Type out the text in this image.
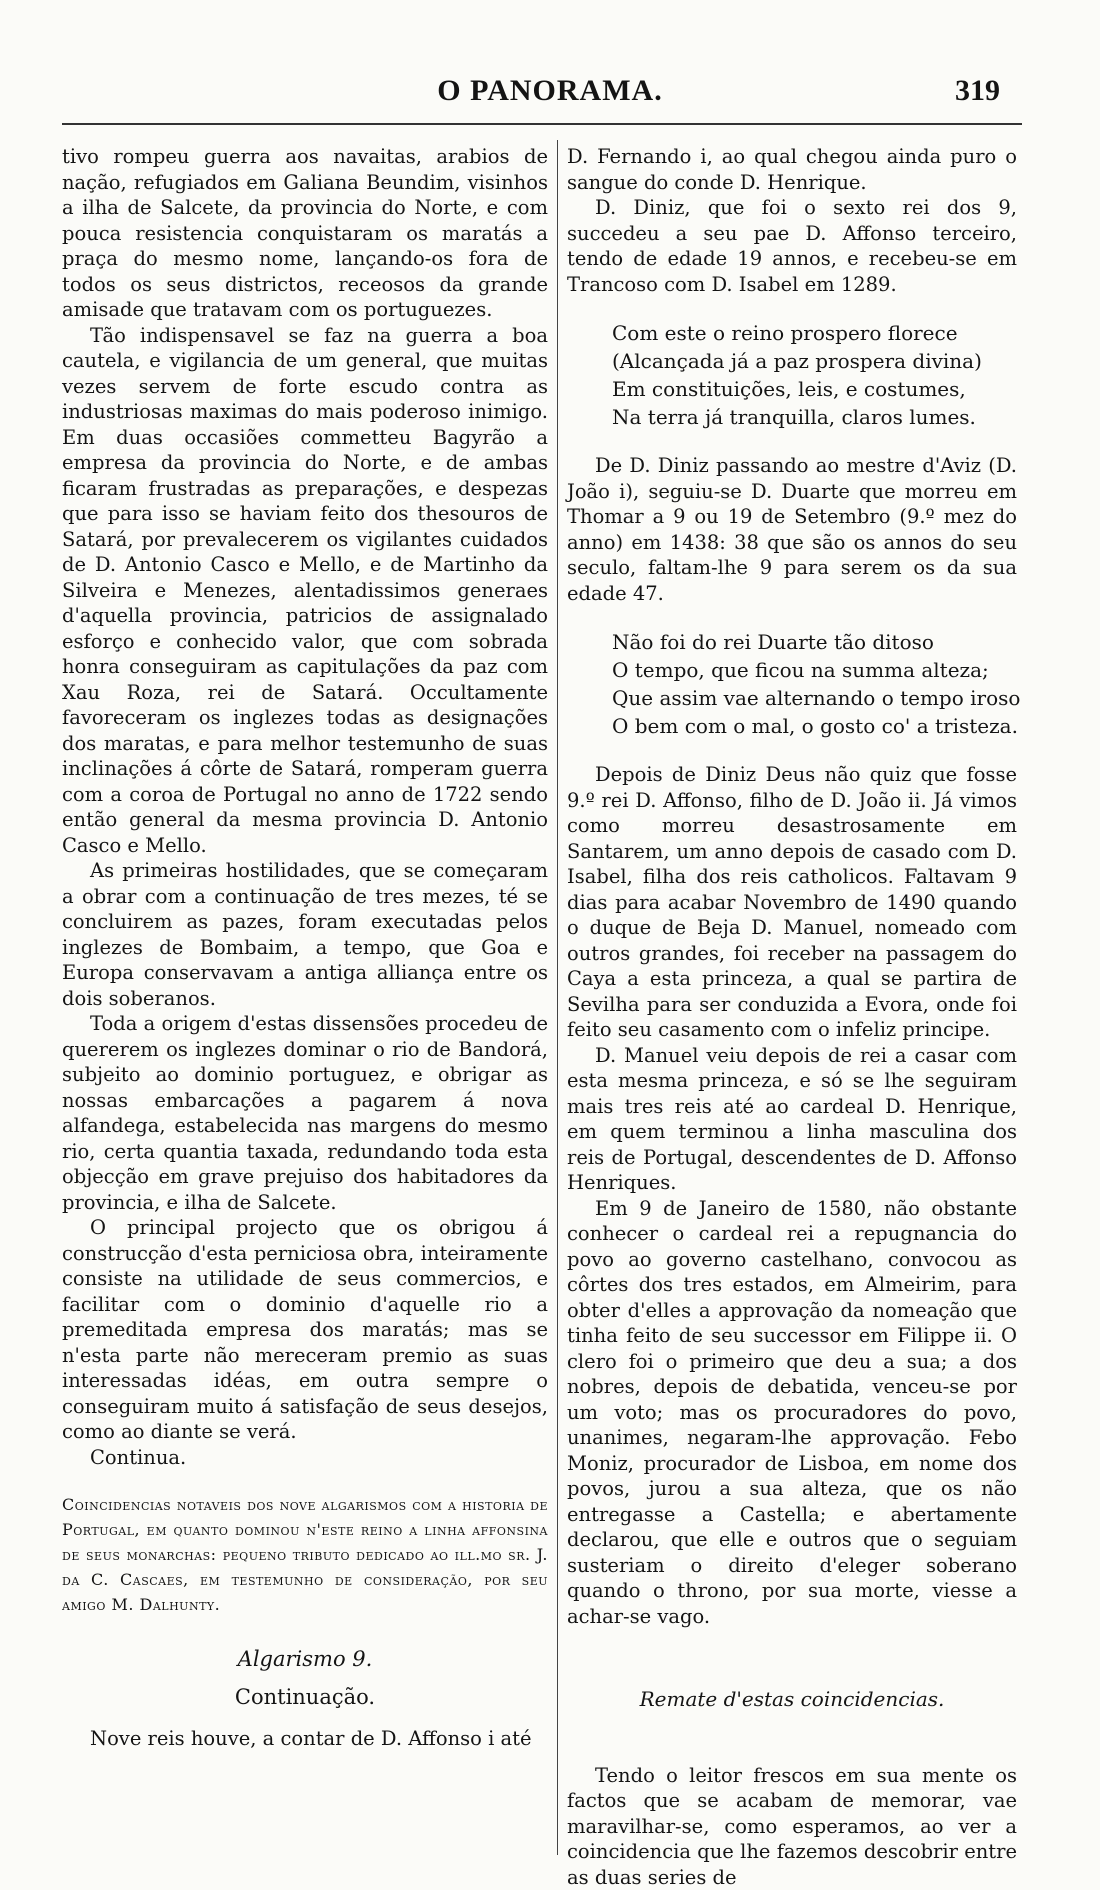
O PANORAMA.	319

tivo rompeu guerra aos navaitas, arabios de nação, refugiados em Galiana Beundim, visinhos a ilha de Salcete, da provincia do Norte, e com pouca resistencia conquistaram os maratás a praça do mesmo nome, lançando-os fora de todos os seus districtos, receosos da grande amisade que tratavam com os portuguezes.

Tão indispensavel se faz na guerra a boa cautela, e vigilancia de um general, que muitas vezes servem de forte escudo contra as industriosas maximas do mais poderoso inimigo. Em duas occasiões commetteu Bagyrão a empresa da provincia do Norte, e de ambas ficaram frustradas as preparações, e despezas que para isso se haviam feito dos thesouros de Satará, por prevalecerem os vigilantes cuidados de D. Antonio Casco e Mello, e de Martinho da Silveira e Menezes, alentadissimos generaes d'aquella provincia, patricios de assignalado esforço e conhecido valor, que com sobrada honra conseguiram as capitulações da paz com Xau Roza, rei de Satará. Occultamente favoreceram os inglezes todas as designações dos maratas, e para melhor testemunho de suas inclinações á côrte de Satará, romperam guerra com a coroa de Portugal no anno de 1722 sendo então general da mesma provincia D. Antonio Casco e Mello.

As primeiras hostilidades, que se começaram a obrar com a continuação de tres mezes, té se concluirem as pazes, foram executadas pelos inglezes de Bombaim, a tempo, que Goa e Europa conservavam a antiga alliança entre os dois soberanos.

Toda a origem d'estas dissensões procedeu de quererem os inglezes dominar o rio de Bandorá, subjeito ao dominio portuguez, e obrigar as nossas embarcações a pagarem á nova alfandega, estabelecida nas margens do mesmo rio, certa quantia taxada, redundando toda esta objecção em grave prejuiso dos habitadores da provincia, e ilha de Salcete.

O principal projecto que os obrigou á construcção d'esta perniciosa obra, inteiramente consiste na utilidade de seus commercios, e facilitar com o dominio d'aquelle rio a premeditada empresa dos maratás; mas se n'esta parte não mereceram premio as suas interessadas idéas, em outra sempre o conseguiram muito á satisfação de seus desejos, como ao diante se verá.

Continua.

Coincidencias notaveis dos nove algarismos com a historia de Portugal, em quanto dominou n'este reino a linha affonsina de seus monarchas: pequeno tributo dedicado ao ill.mo sr. J. da C. Cascaes, em testemunho de consideração, por seu amigo M. Dalhunty.

Algarismo 9.
Continuação.

Nove reis houve, a contar de D. Affonso i até

D. Fernando i, ao qual chegou ainda puro o sangue do conde D. Henrique.

D. Diniz, que foi o sexto rei dos 9, succedeu a seu pae D. Affonso terceiro, tendo de edade 19 annos, e recebeu-se em Trancoso com D. Isabel em 1289.

Com este o reino prospero florece
(Alcançada já a paz prospera divina)
Em constituições, leis, e costumes,
Na terra já tranquilla, claros lumes.

De D. Diniz passando ao mestre d'Aviz (D. João i), seguiu-se D. Duarte que morreu em Thomar a 9 ou 19 de Setembro (9.º mez do anno) em 1438: 38 que são os annos do seu seculo, faltam-lhe 9 para serem os da sua edade 47.

Não foi do rei Duarte tão ditoso
O tempo, que ficou na summa alteza;
Que assim vae alternando o tempo iroso
O bem com o mal, o gosto co' a tristeza.

Depois de Diniz Deus não quiz que fosse 9.º rei D. Affonso, filho de D. João ii. Já vimos como morreu desastrosamente em Santarem, um anno depois de casado com D. Isabel, filha dos reis catholicos. Faltavam 9 dias para acabar Novembro de 1490 quando o duque de Beja D. Manuel, nomeado com outros grandes, foi receber na passagem do Caya a esta princeza, a qual se partira de Sevilha para ser conduzida a Evora, onde foi feito seu casamento com o infeliz principe.

D. Manuel veiu depois de rei a casar com esta mesma princeza, e só se lhe seguiram mais tres reis até ao cardeal D. Henrique, em quem terminou a linha masculina dos reis de Portugal, descendentes de D. Affonso Henriques.

Em 9 de Janeiro de 1580, não obstante conhecer o cardeal rei a repugnancia do povo ao governo castelhano, convocou as côrtes dos tres estados, em Almeirim, para obter d'elles a approvação da nomeação que tinha feito de seu successor em Filippe ii. O clero foi o primeiro que deu a sua; a dos nobres, depois de debatida, venceu-se por um voto; mas os procuradores do povo, unanimes, negaram-lhe approvação. Febo Moniz, procurador de Lisboa, em nome dos povos, jurou a sua alteza, que os não entregasse a Castella; e abertamente declarou, que elle e outros que o seguiam susteriam o direito d'eleger soberano quando o throno, por sua morte, viesse a achar-se vago.

Remate d'estas coincidencias.

Tendo o leitor frescos em sua mente os factos que se acabam de memorar, vae maravilhar-se, como esperamos, ao ver a coincidencia que lhe fazemos descobrir entre as duas series de
